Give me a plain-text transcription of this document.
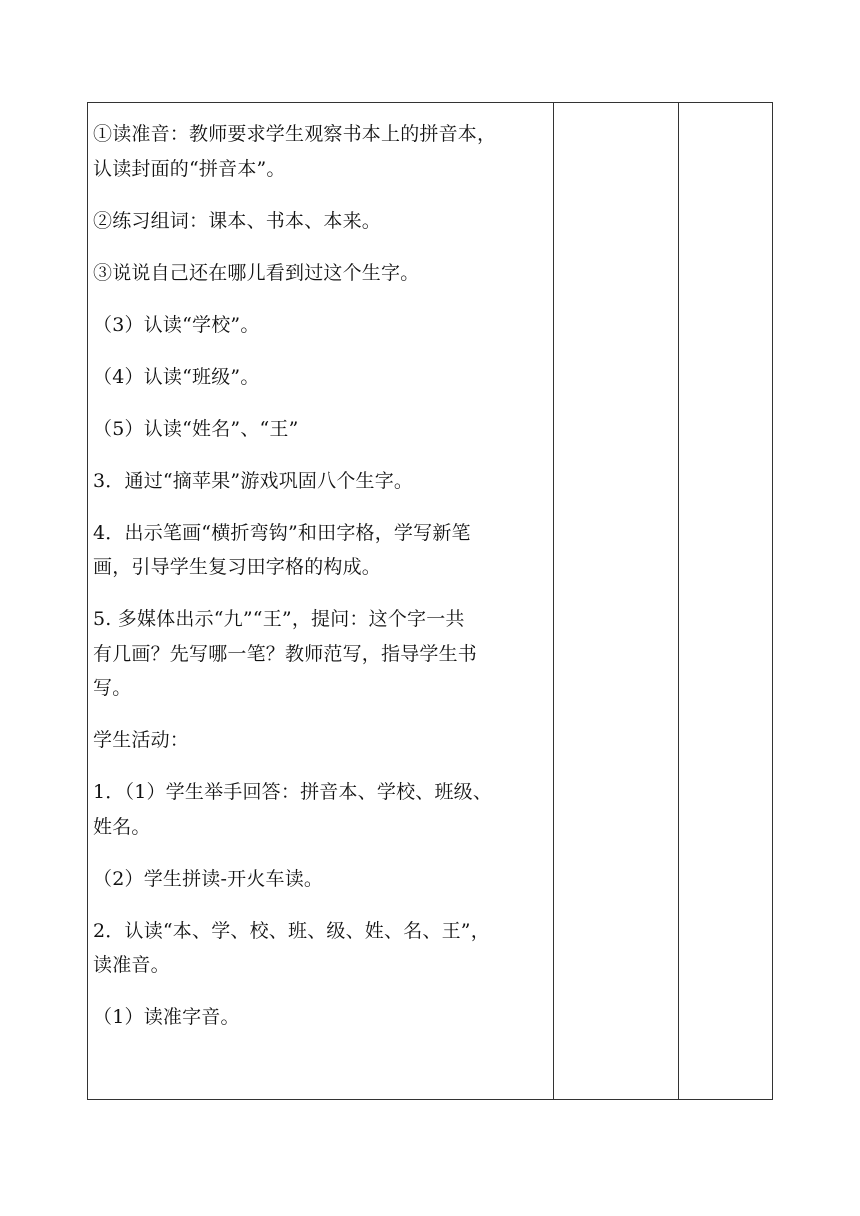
①读准音：教师要求学生观察书本上的拼音本，
认读封面的“拼音本”。

②练习组词：课本、书本、本来。

③说说自己还在哪儿看到过这个生字。

（3）认读“学校”。

（4）认读“班级”。

（5）认读“姓名”、“王”

3．通过“摘苹果”游戏巩固八个生字。

4．出示笔画“横折弯钩”和田字格，学写新笔
画，引导学生复习田字格的构成。

5. 多媒体出示“九”“王”，提问：这个字一共
有几画？先写哪一笔？教师范写，指导学生书
写。

学生活动：

1．（1）学生举手回答：拼音本、学校、班级、
姓名。

（2）学生拼读-开火车读。

2．认读“本、学、校、班、级、姓、名、王”，
读准音。

（1）读准字音。
